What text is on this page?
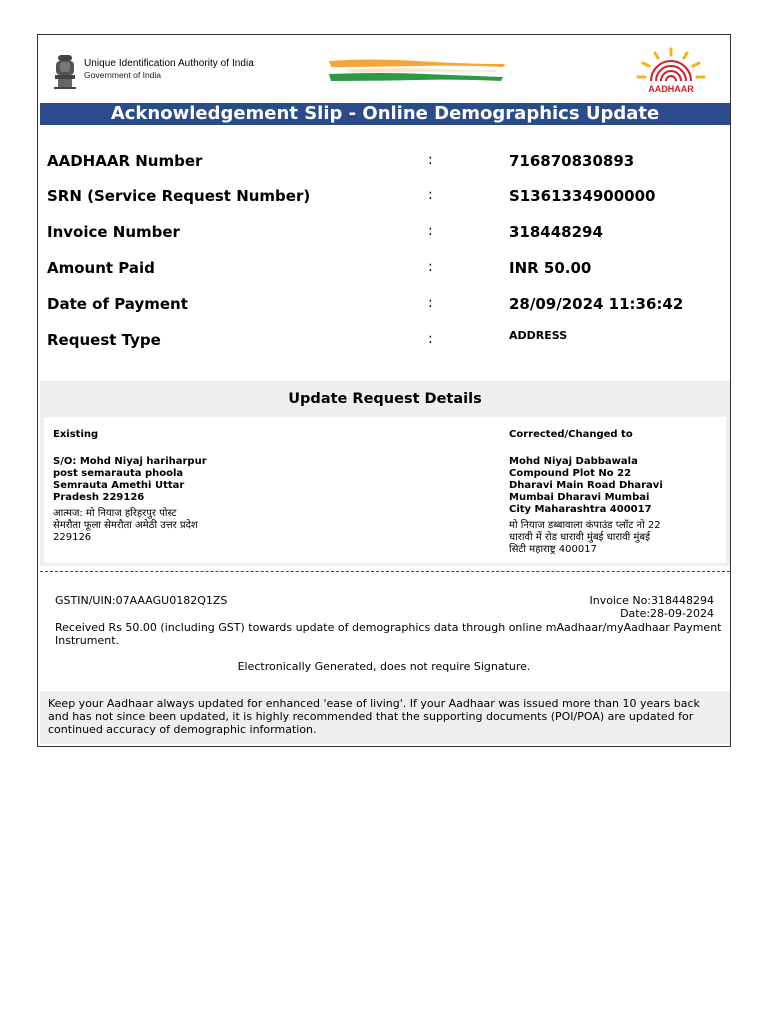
Unique Identification Authority of India
Government of India
AADHAAR
Acknowledgement Slip - Online Demographics Update
AADHAAR Number	:	716870830893
SRN (Service Request Number)	:	S1361334900000
Invoice Number	:	318448294
Amount Paid	:	INR 50.00
Date of Payment	:	28/09/2024 11:36:42
Request Type	:	ADDRESS
Update Request Details
Existing
S/O: Mohd Niyaj hariharpur
post semarauta phoola
Semrauta Amethi Uttar
Pradesh 229126
आत्मज: मो नियाज हरिहरपुर पोस्ट
सेमरौता फूला सेमरौता अमेठी उत्तर प्रदेश
229126
Corrected/Changed to
Mohd Niyaj Dabbawala
Compound Plot No 22
Dharavi Main Road Dharavi
Mumbai Dharavi Mumbai
City Maharashtra 400017
मो नियाज डब्बावाला कंपाउंड प्लॉट नो 22
धारावी में रोड धारावी मुंबई धारावी मुंबई
सिटी महाराष्ट्र 400017
GSTIN/UIN:07AAAGU0182Q1ZS	Invoice No:318448294
Date:28-09-2024
Received Rs 50.00 (including GST) towards update of demographics data through online mAadhaar/myAadhaar Payment Instrument.
Electronically Generated, does not require Signature.
Keep your Aadhaar always updated for enhanced 'ease of living'. If your Aadhaar was issued more than 10 years back and has not since been updated, it is highly recommended that the supporting documents (POI/POA) are updated for continued accuracy of demographic information.
